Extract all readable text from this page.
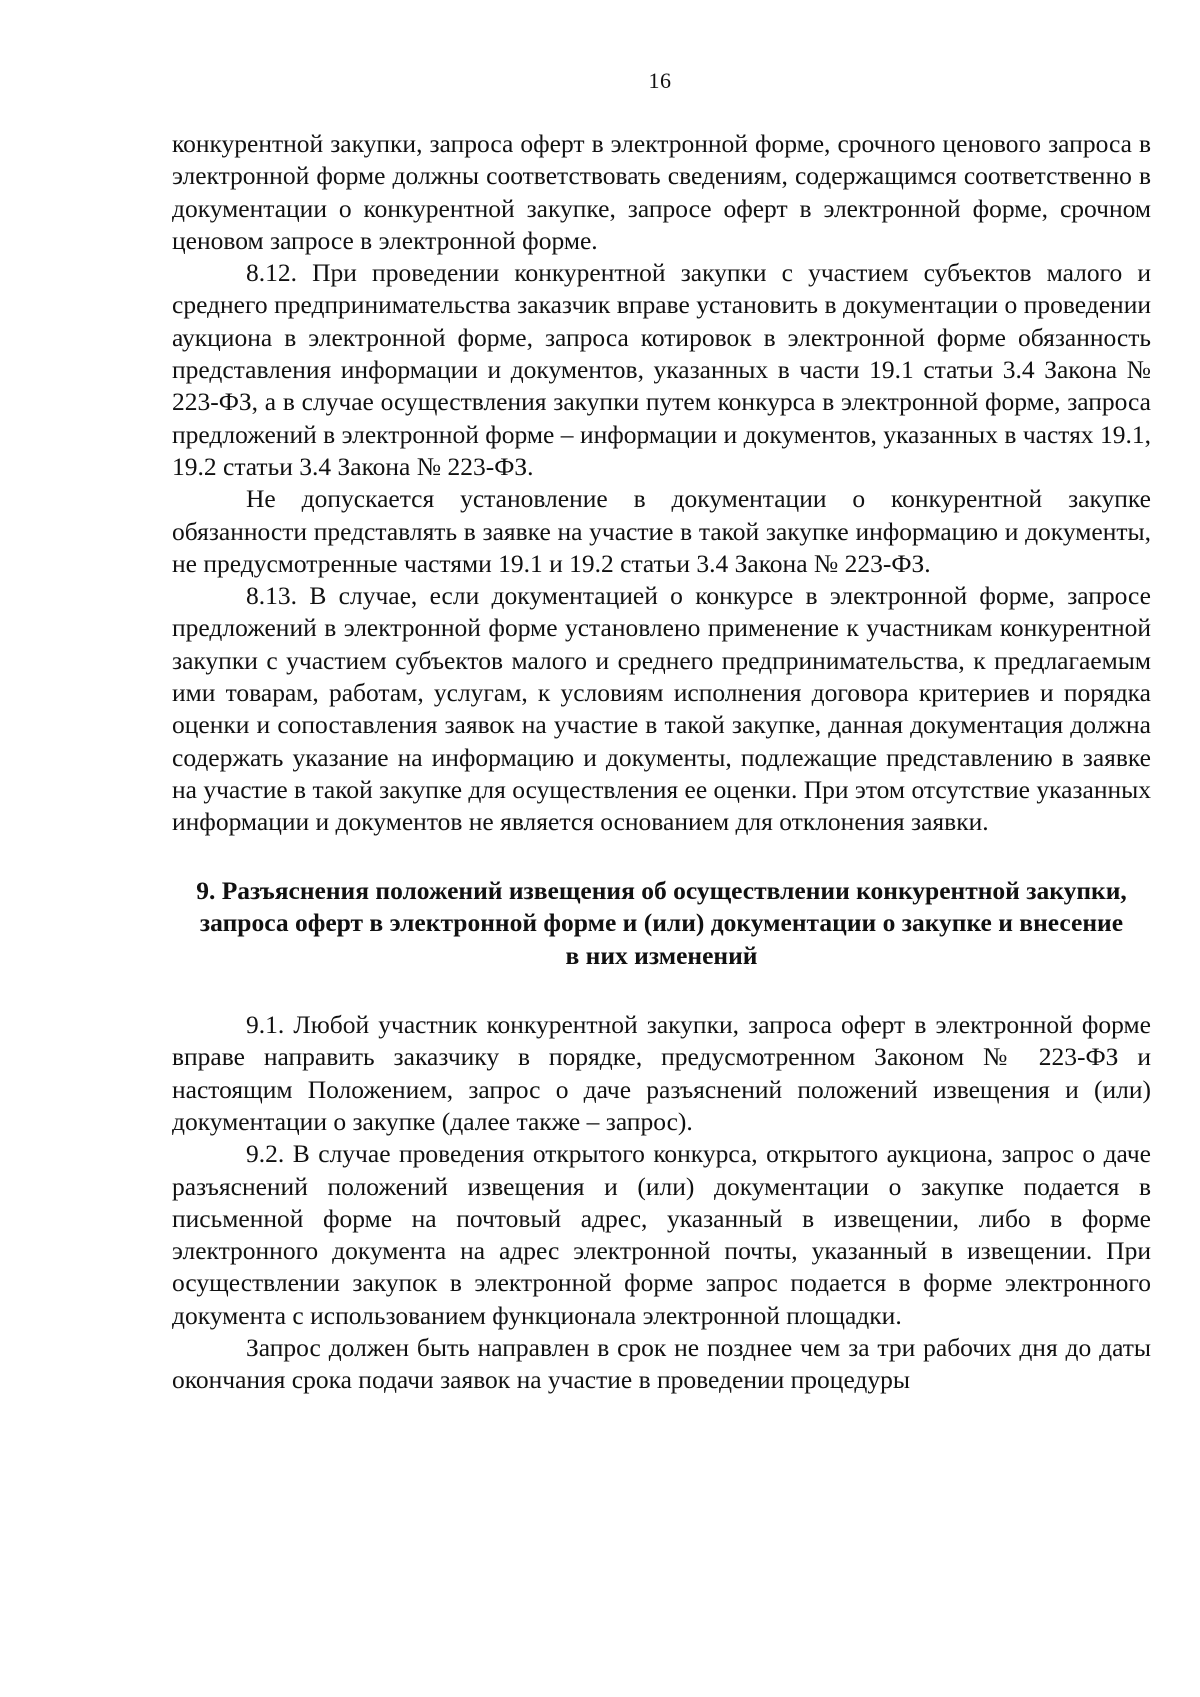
16

конкурентной закупки, запроса оферт в электронной форме, срочного ценового запроса в электронной форме должны соответствовать сведениям, содержащимся соответственно в документации о конкурентной закупке, запросе оферт в электронной форме, срочном ценовом запросе в электронной форме.

8.12. При проведении конкурентной закупки с участием субъектов малого и среднего предпринимательства заказчик вправе установить в документации о проведении аукциона в электронной форме, запроса котировок в электронной форме обязанность представления информации и документов, указанных в части 19.1 статьи 3.4 Закона № 223-ФЗ, а в случае осуществления закупки путем конкурса в электронной форме, запроса предложений в электронной форме – информации и документов, указанных в частях 19.1, 19.2 статьи 3.4 Закона № 223-ФЗ.

Не допускается установление в документации о конкурентной закупке обязанности представлять в заявке на участие в такой закупке информацию и документы, не предусмотренные частями 19.1 и 19.2 статьи 3.4 Закона № 223-ФЗ.

8.13. В случае, если документацией о конкурсе в электронной форме, запросе предложений в электронной форме установлено применение к участникам конкурентной закупки с участием субъектов малого и среднего предпринимательства, к предлагаемым ими товарам, работам, услугам, к условиям исполнения договора критериев и порядка оценки и сопоставления заявок на участие в такой закупке, данная документация должна содержать указание на информацию и документы, подлежащие представлению в заявке на участие в такой закупке для осуществления ее оценки. При этом отсутствие указанных информации и документов не является основанием для отклонения заявки.

9. Разъяснения положений извещения об осуществлении конкурентной закупки, запроса оферт в электронной форме и (или) документации о закупке и внесение в них изменений

9.1. Любой участник конкурентной закупки, запроса оферт в электронной форме вправе направить заказчику в порядке, предусмотренном Законом № 223-ФЗ и настоящим Положением, запрос о даче разъяснений положений извещения и (или) документации о закупке (далее также – запрос).

9.2. В случае проведения открытого конкурса, открытого аукциона, запрос о даче разъяснений положений извещения и (или) документации о закупке подается в письменной форме на почтовый адрес, указанный в извещении, либо в форме электронного документа на адрес электронной почты, указанный в извещении. При осуществлении закупок в электронной форме запрос подается в форме электронного документа с использованием функционала электронной площадки.

Запрос должен быть направлен в срок не позднее чем за три рабочих дня до даты окончания срока подачи заявок на участие в проведении процедуры
